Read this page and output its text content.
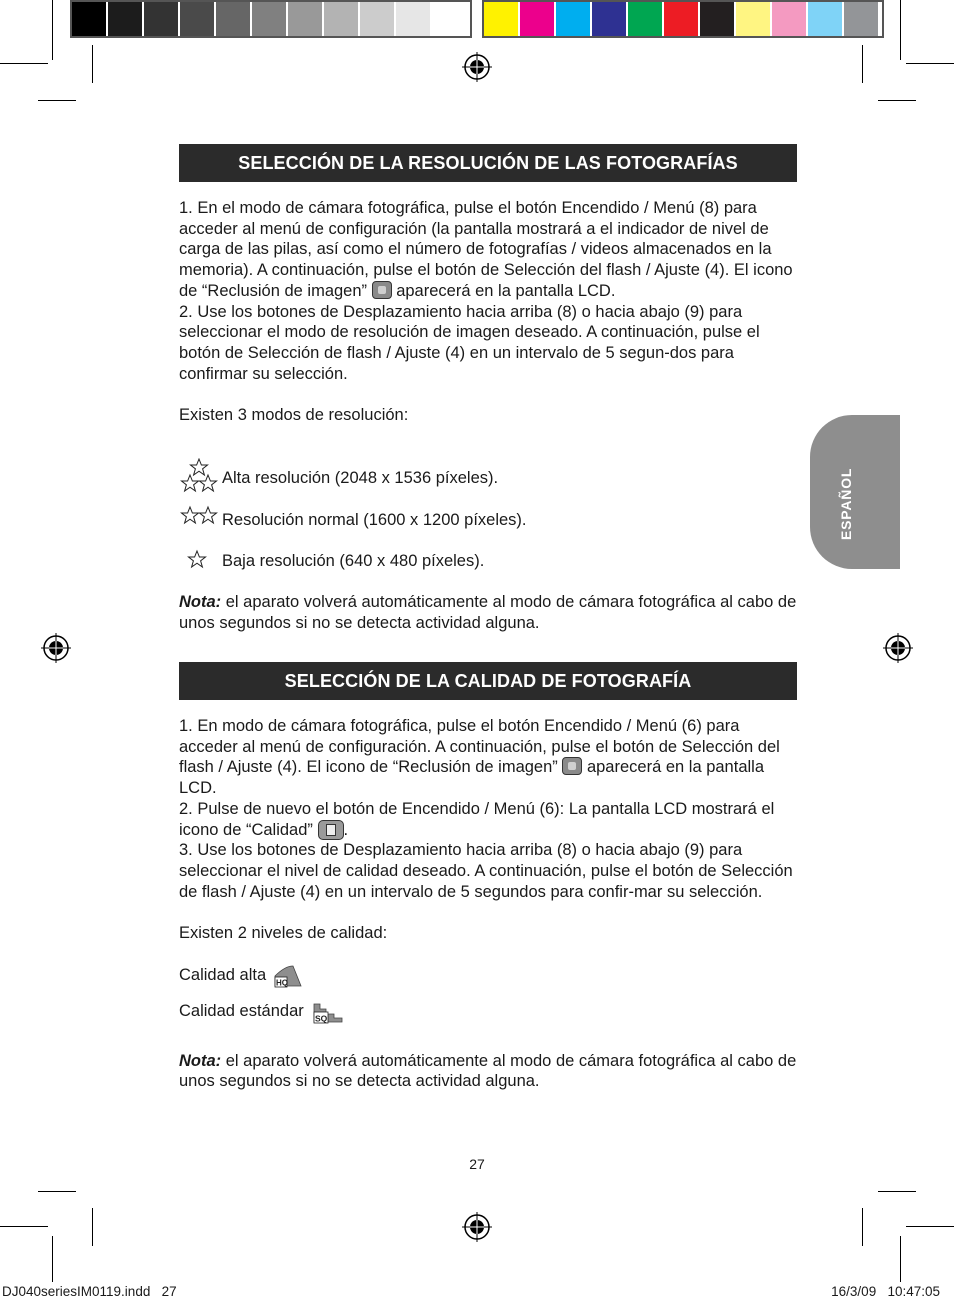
ESPAÑOL
SELECCIÓN DE LA RESOLUCIÓN DE LAS FOTOGRAFÍAS

1. En el modo de cámara fotográfica, pulse el botón Encendido / Menú (8) para acceder al menú de configuración (la pantalla mostrará a el indicador de nivel de carga de las pilas, así como el número de fotografías / videos almacenados en la memoria). A continuación, pulse el botón de Selección del flash / Ajuste (4). El icono de “Reclusión de imagen”  aparecerá en la pantalla LCD.

2. Use los botones de Desplazamiento hacia arriba (8) o hacia abajo (9) para seleccionar el modo de resolución de imagen deseado. A continuación, pulse el botón de Selección de flash / Ajuste (4) en un intervalo de 5 segun-dos para confirmar su selección.

Existen 3 modos de resolución:

Alta resolución (2048 x 1536 píxeles).
Resolución normal (1600 x 1200 píxeles).
Baja resolución (640 x 480 píxeles).

Nota: el aparato volverá automáticamente al modo de cámara fotográfica al cabo de unos segundos si no se detecta actividad alguna.

SELECCIÓN DE LA CALIDAD DE FOTOGRAFÍA

1. En modo de cámara fotográfica, pulse el botón Encendido / Menú (6) para acceder al menú de configuración. A continuación, pulse el botón de Selección del flash / Ajuste (4). El icono de “Reclusión de imagen”  aparecerá en la pantalla LCD.

2. Pulse de nuevo el botón de Encendido / Menú (6): La pantalla LCD mostrará el icono de “Calidad” .

3. Use los botones de Desplazamiento hacia arriba (8) o hacia abajo (9) para seleccionar el nivel de calidad deseado. A continuación, pulse el botón de Selección de flash / Ajuste (4) en un intervalo de 5 segundos para confir-mar su selección.

Existen 2 niveles de calidad:

Calidad alta HQ

Calidad estándar SQ

Nota: el aparato volverá automáticamente al modo de cámara fotográfica al cabo de unos segundos si no se detecta actividad alguna.

27
DJ040seriesIM0119.indd   27	16/3/09   10:47:05
